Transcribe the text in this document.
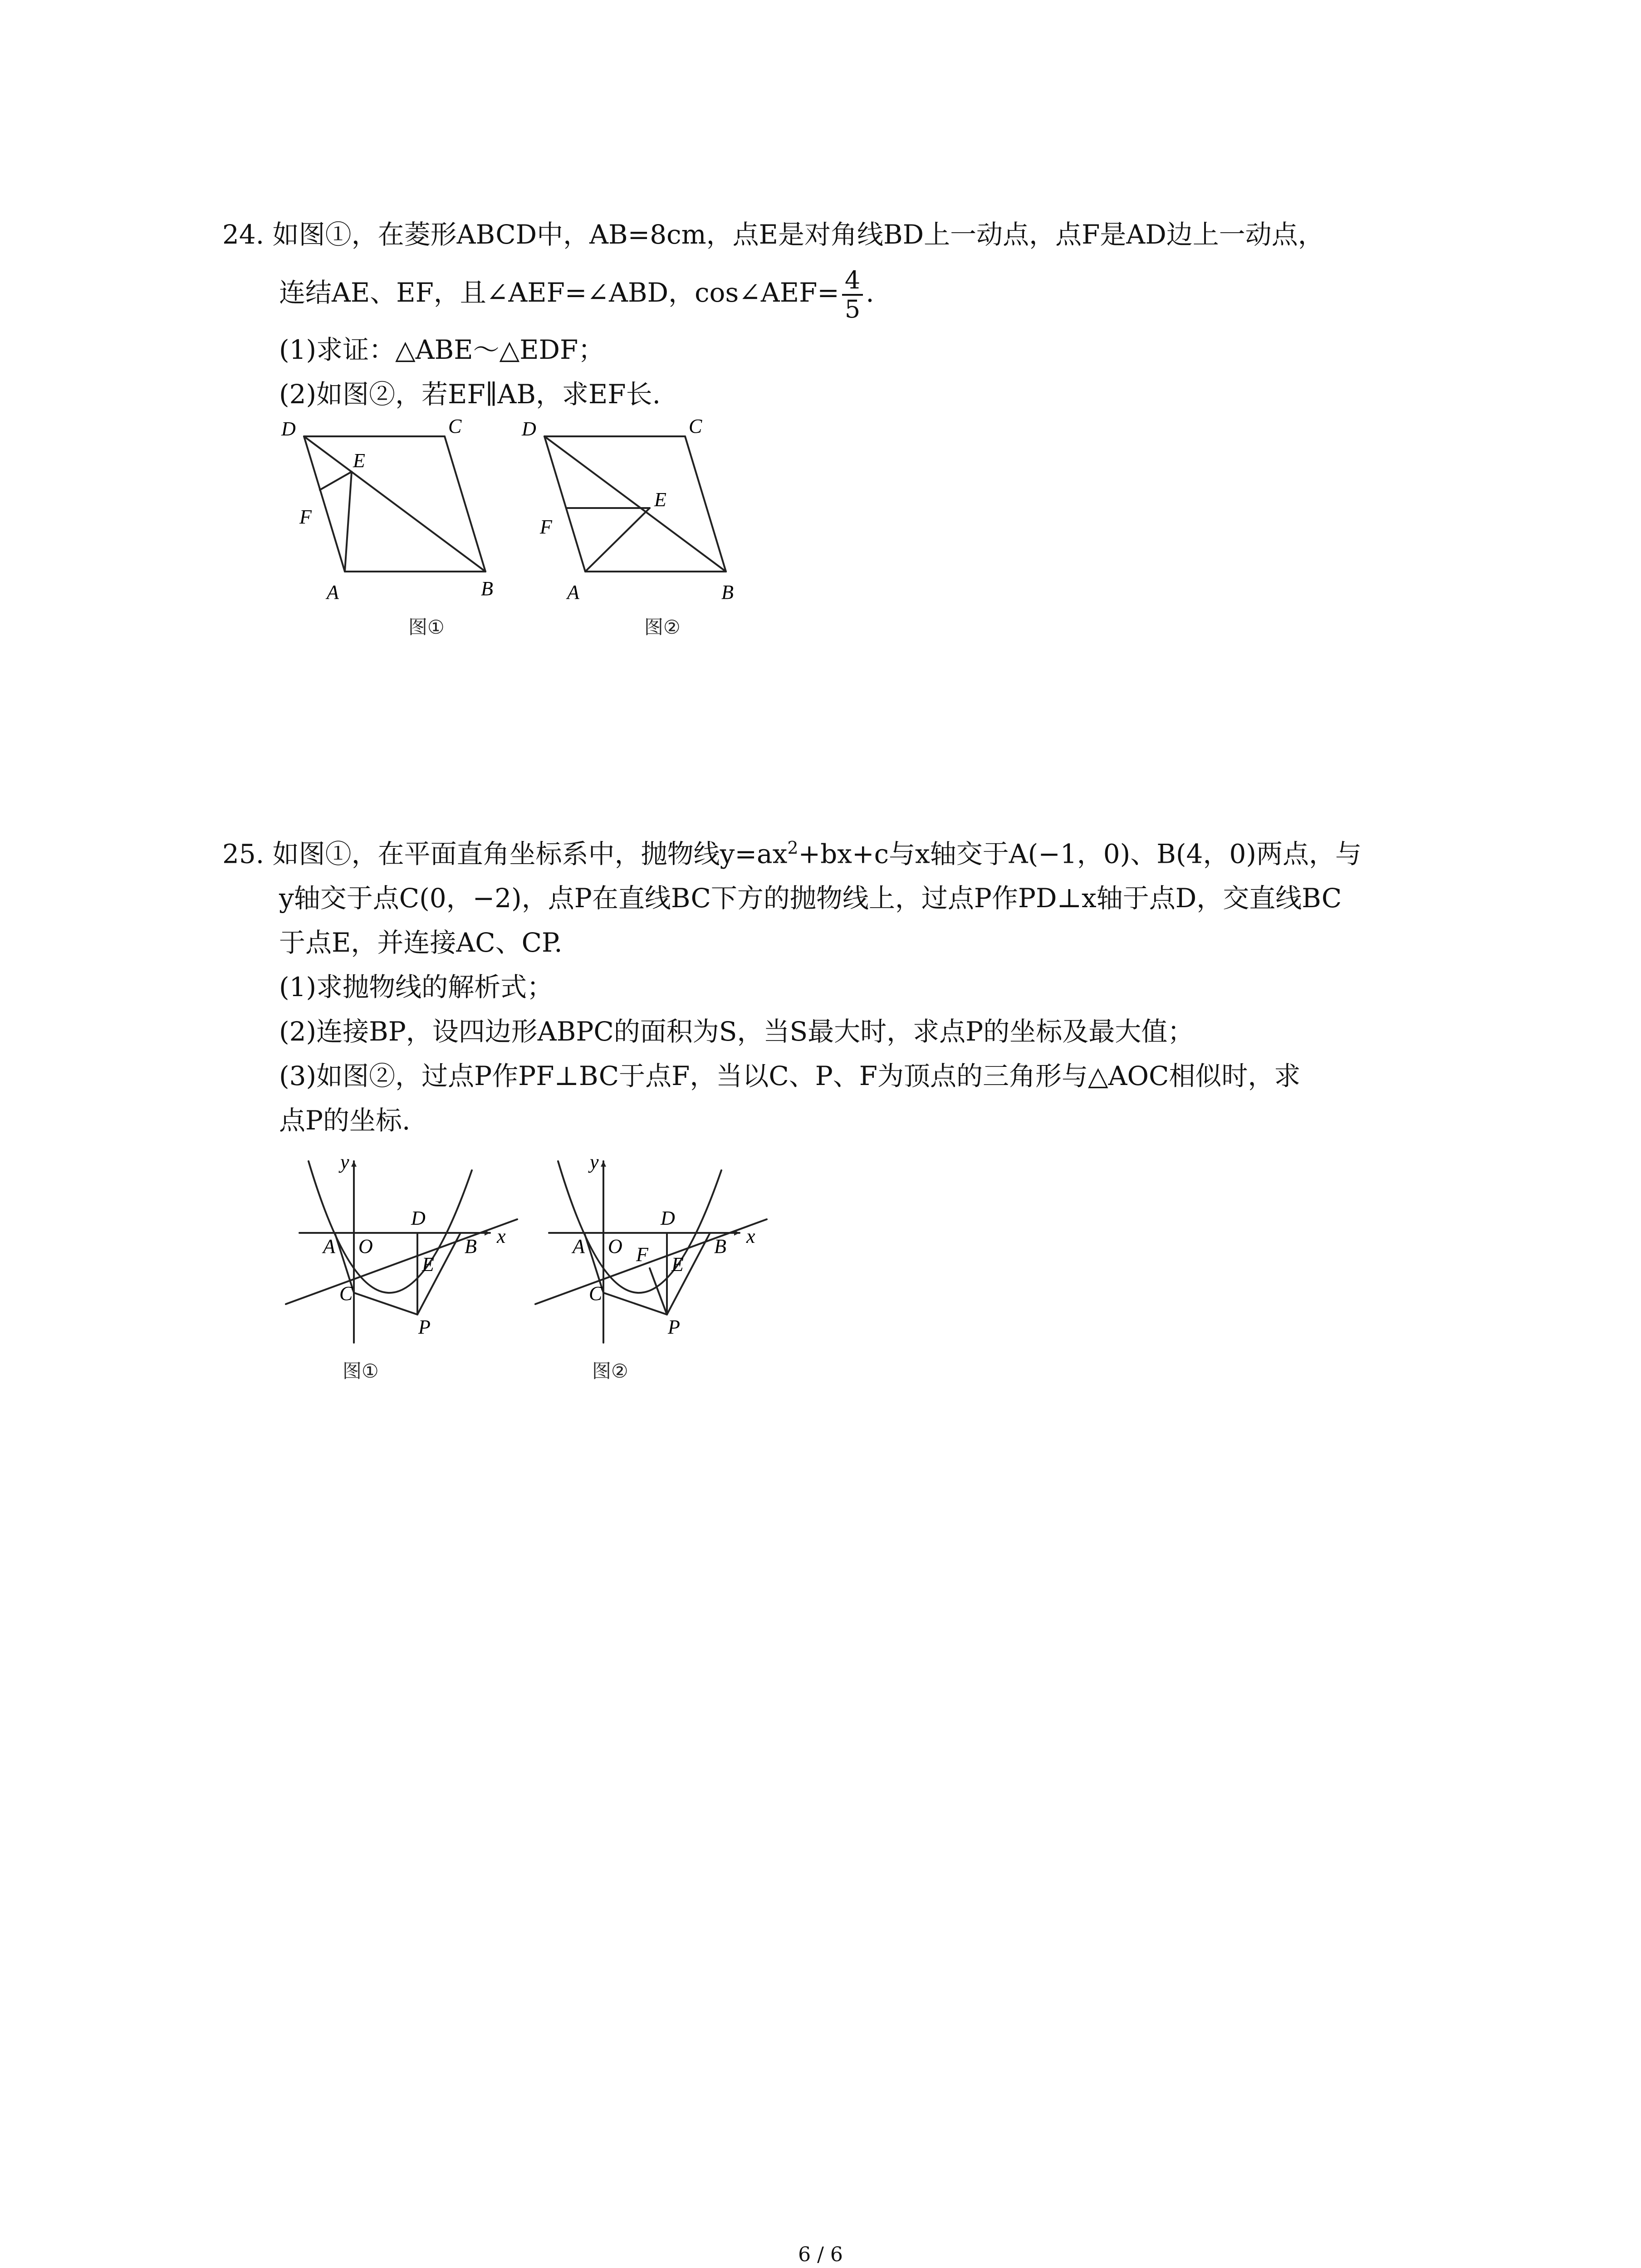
24. 如图①，在菱形ABCD中，AB=8cm，点E是对角线BD上一动点，点F是AD边上一动点，
连结AE、EF，且∠AEF=∠ABD，cos∠AEF= $\frac{4}{5}$ .
(1)求证：△ABE～△EDF；
(2)如图②，若EF∥AB，求EF长.
D	C
E
F
A	B
图①
D	C
E
F
A	B
图②
25. 如图①，在平面直角坐标系中，抛物线$y=ax^2+bx+c$与x轴交于A(−1，0)、B(4，0)两点，与
y轴交于点C(0，−2)，点P在直线BC下方的抛物线上，过点P作PD⊥x轴于点D，交直线BC
于点E，并连接AC、CP.
(1)求抛物线的解析式；
(2)连接BP，设四边形ABPC的面积为S，当S最大时，求点P的坐标及最大值；
(3)如图②，过点P作PF⊥BC于点F，当以C、P、F为顶点的三角形与△AOC相似时，求
点P的坐标.
y
x
A O
D
B
E
C
P
图①
y
x
A O
D
B
F E
C
P
图②
6 / 6
